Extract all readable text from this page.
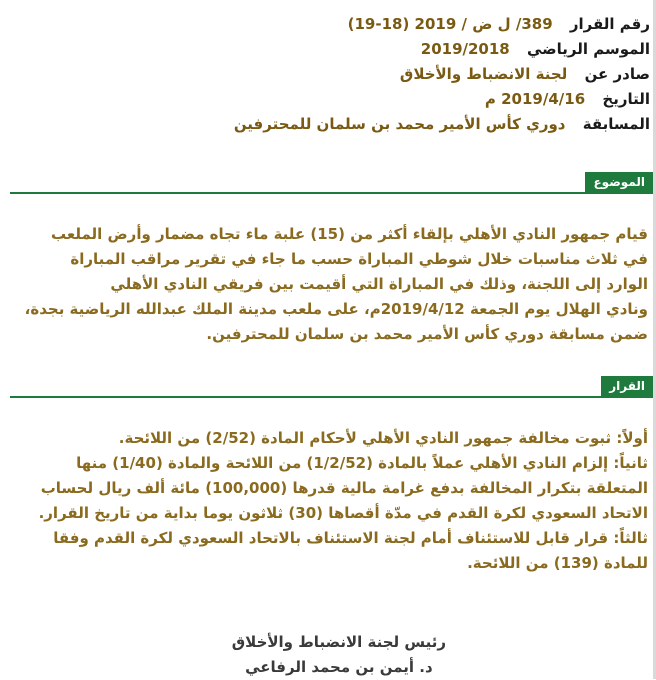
رقم القرار 389/ ل ض / 2019 (18-19)
الموسم الرياضي 2019/2018
صادر عن لجنة الانضباط والأخلاق
التاريخ 2019/4/16 م
المسابقة دوري كأس الأمير محمد بن سلمان للمحترفين
الموضوع

قيام جمهور النادي الأهلي بإلقاء أكثر من (15) علبة ماء تجاه مضمار وأرض الملعب

في ثلاث مناسبات خلال شوطي المباراة حسب ما جاء في تقرير مراقب المباراة

الوارد إلى اللجنة، وذلك في المباراة التي أقيمت بين فريقي النادي الأهلي

ونادي الهلال يوم الجمعة 2019/4/12م، على ملعب مدينة الملك عبدالله الرياضية بجدة،

ضمن مسابقة دوري كأس الأمير محمد بن سلمان للمحترفين.

القرار

أولاً: ثبوت مخالفة جمهور النادي الأهلي لأحكام المادة (2/52) من اللائحة.

ثانياً: إلزام النادي الأهلي عملاً بالمادة (1/2/52) من اللائحة والمادة (1/40) منها

المتعلقة بتكرار المخالفة بدفع غرامة مالية قدرها (100,000) مائة ألف ريال لحساب

الاتحاد السعودي لكرة القدم في مدّة أقصاها (30) ثلاثون يوما بداية من تاريخ القرار.

ثالثاً: قرار قابل للاستئناف أمام لجنة الاستئناف بالاتحاد السعودي لكرة القدم وفقا

للمادة (139) من اللائحة.

رئيس لجنة الانضباط والأخلاق
د. أيمن بن محمد الرفاعي
